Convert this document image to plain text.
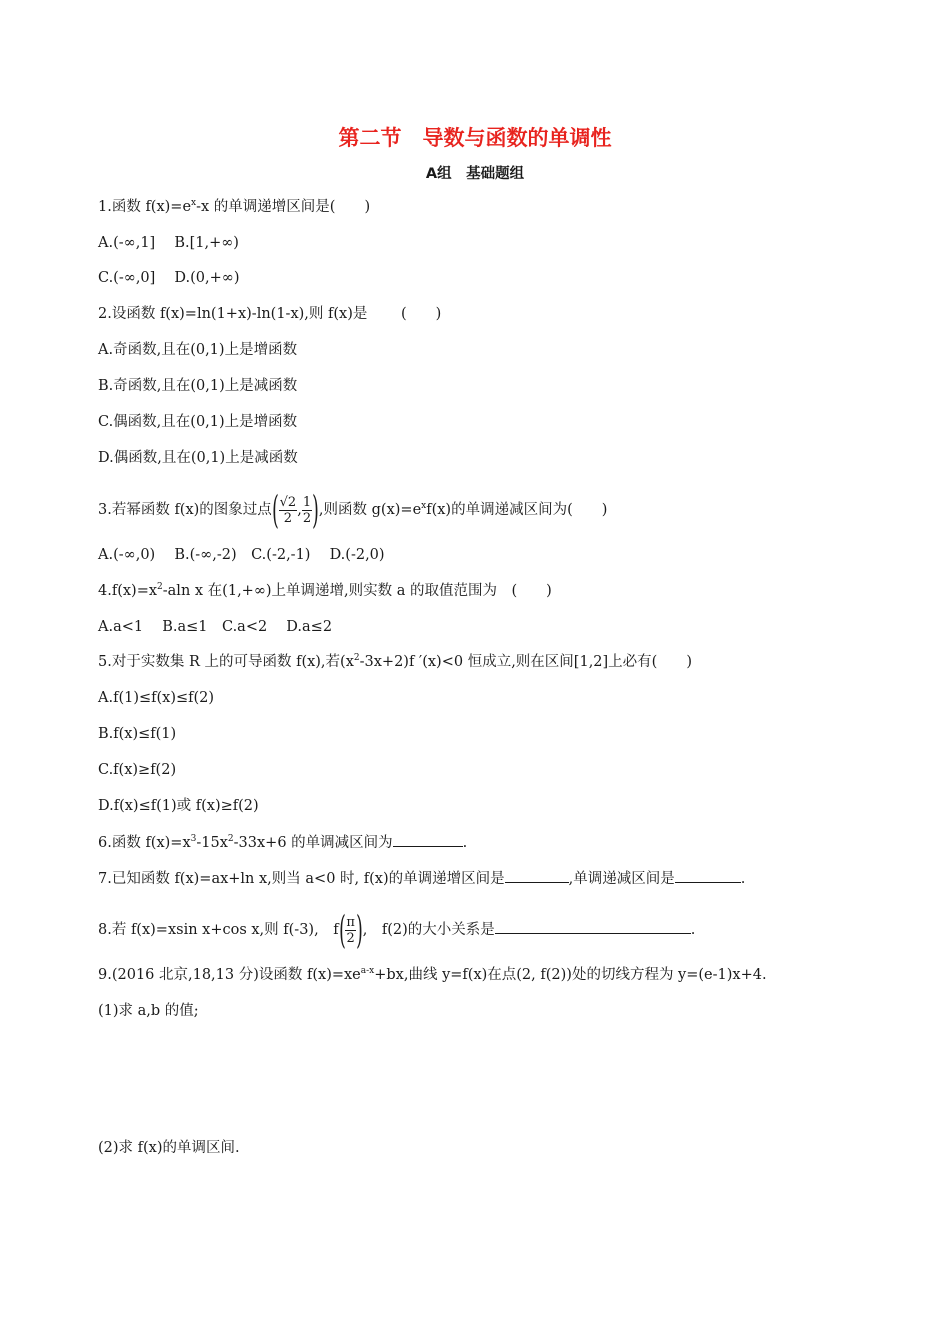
第二节　导数与函数的单调性
A组　基础题组
1.函数 $f(x)=e^x-x$ 的单调递增区间是(　　)
A.(-∞,1]　 B.[1,+∞)
C.(-∞,0]　 D.(0,+∞)
2.设函数 f(x)=ln(1+x)-ln(1-x),则 f(x)是　　 (　　)
A.奇函数,且在(0,1)上是增函数
B.奇函数,且在(0,1)上是减函数
C.偶函数,且在(0,1)上是增函数
D.偶函数,且在(0,1)上是减函数
3.若幂函数 f(x)的图象过点( $\frac{√2}{2}$ , $\frac{1}{2}$ ),则函数 $g(x)=e^xf(x)$的单调递减区间为(　　)
A.(-∞,0)　 B.(-∞,-2)　C.(-2,-1)　 D.(-2,0)
$4.f(x)=x^2$-aln x 在(1,+∞)上单调递增,则实数 a 的取值范围为　(　　)
A.a<1　 B.a≤1　C.a<2　 D.a≤2
5.对于实数集 R 上的可导函数 f(x),若$(x^2-3x+2)f$ ′(x)<0 恒成立,则在区间[1,2]上必有(　　)
A.f(1)≤f(x)≤f(2)
B.f(x)≤f(1)
C.f(x)≥f(2)
D.f(x)≤f(1)或 f(x)≥f(2)
6.函数 $f(x)=x^3-15x^2-33x+6$ 的单调减区间为	.
7.已知函数 f(x)=ax+ln x,则当 a<0 时, f(x)的单调递增区间是	,单调递减区间是	.
8.若 f(x)=xsin x+cos x,则 f(-3),　$f( \frac{\pi}{2}$ ),　f(2)的大小关系是	.
9.(2016 北京,18,13 分)设函数 $f(x)=xe^{a-x}+bx$,曲线 y=f(x)在点(2, f(2))处的切线方程为 y=(e-1)x+4.
(1)求 a,b 的值;
(2)求 f(x)的单调区间.
